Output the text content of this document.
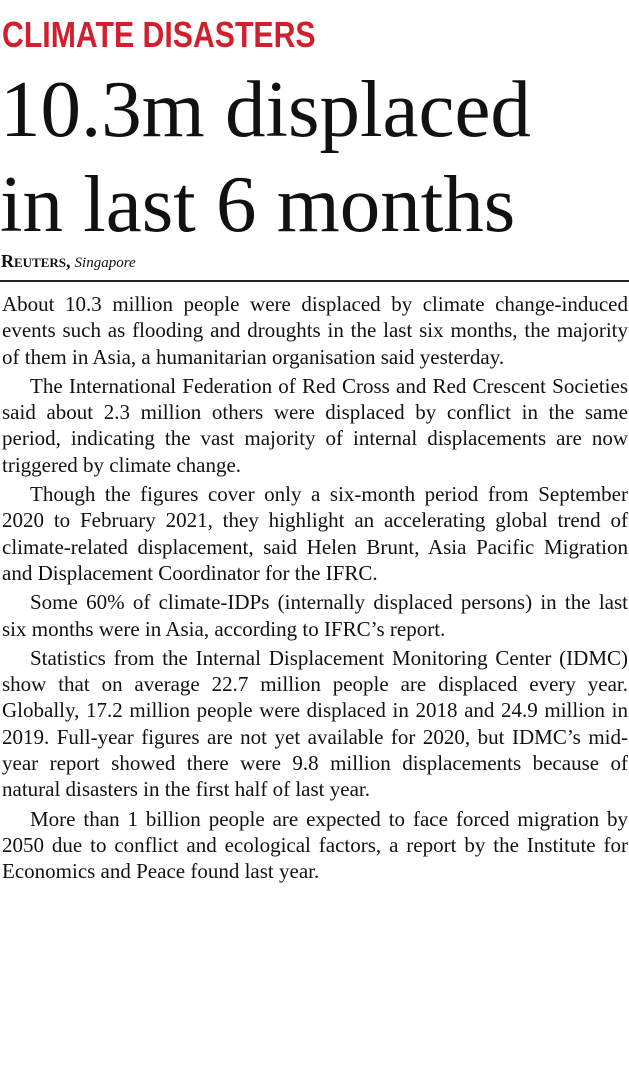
CLIMATE DISASTERS
10.3m displaced
in last 6 months
Reuters, Singapore

About 10.3 million people were displaced by climate change-induced events such as flooding and droughts in the last six months, the majority of them in Asia, a humanitarian organisation said yesterday.

The International Federation of Red Cross and Red Crescent Societies said about 2.3 million others were displaced by conflict in the same period, indicating the vast majority of internal displacements are now triggered by climate change.

Though the figures cover only a six-month period from September 2020 to February 2021, they highlight an accelerating global trend of climate-related displacement, said Helen Brunt, Asia Pacific Migration and Displacement Coordinator for the IFRC.

Some 60% of climate-IDPs (internally displaced persons) in the last six months were in Asia, according to IFRC’s report.

Statistics from the Internal Displacement Monitoring Center (IDMC) show that on average 22.7 million people are displaced every year. Globally, 17.2 million people were displaced in 2018 and 24.9 million in 2019. Full-year figures are not yet available for 2020, but IDMC’s mid-year report showed there were 9.8 million displacements because of natural disasters in the first half of last year.

More than 1 billion people are expected to face forced migration by 2050 due to conflict and ecological factors, a report by the Institute for Economics and Peace found last year.
